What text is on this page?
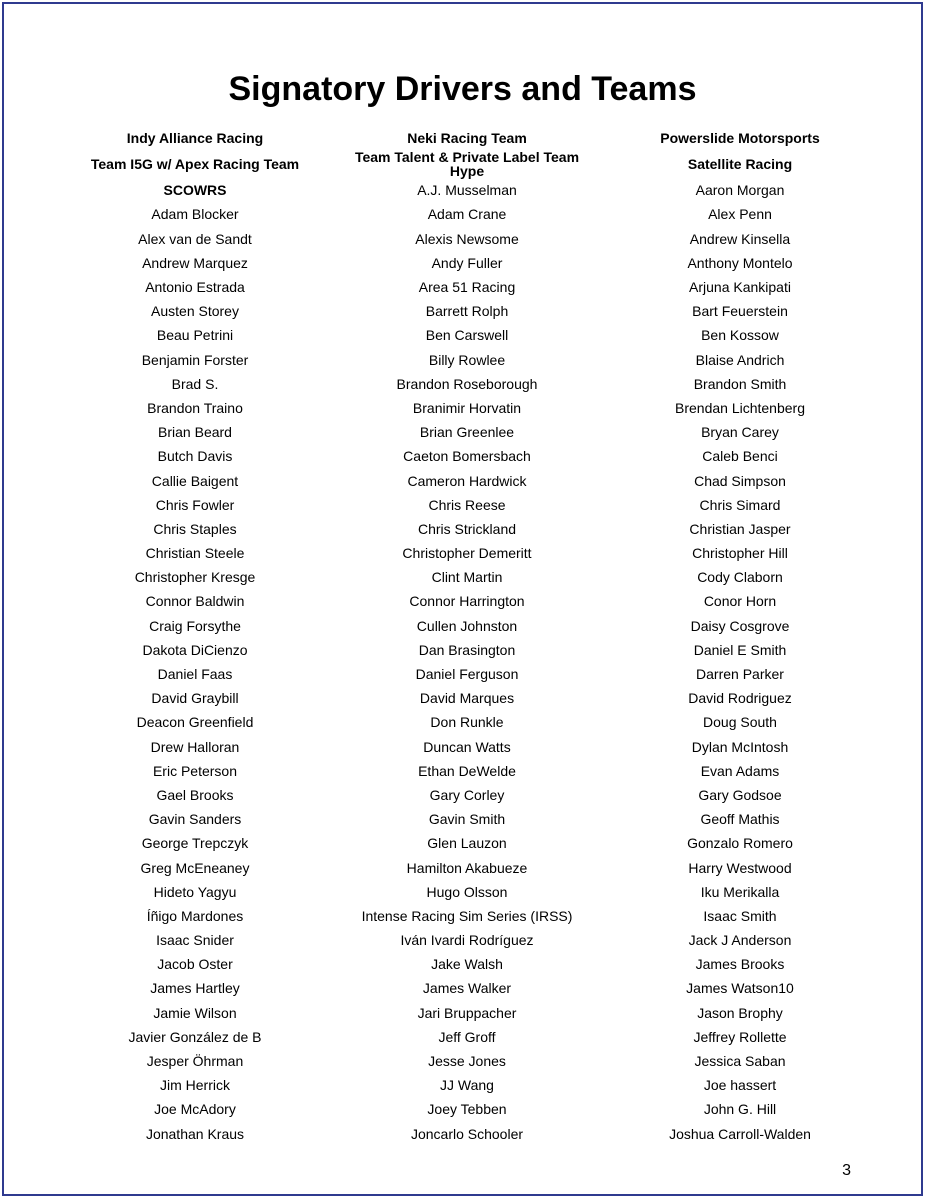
Signatory Drivers and Teams
Indy Alliance Racing	Neki Racing Team	Powerslide Motorsports
Team I5G w/ Apex Racing Team	Team Talent & Private Label Team Hype	Satellite Racing
SCOWRS	A.J. Musselman	Aaron Morgan
Adam Blocker	Adam Crane	Alex Penn
Alex van de Sandt	Alexis Newsome	Andrew Kinsella
Andrew Marquez	Andy Fuller	Anthony Montelo
Antonio Estrada	Area 51 Racing	Arjuna Kankipati
Austen Storey	Barrett Rolph	Bart Feuerstein
Beau Petrini	Ben Carswell	Ben Kossow
Benjamin Forster	Billy Rowlee	Blaise Andrich
Brad S.	Brandon Roseborough	Brandon Smith
Brandon Traino	Branimir Horvatin	Brendan Lichtenberg
Brian Beard	Brian Greenlee	Bryan Carey
Butch Davis	Caeton Bomersbach	Caleb Benci
Callie Baigent	Cameron Hardwick	Chad Simpson
Chris Fowler	Chris Reese	Chris Simard
Chris Staples	Chris Strickland	Christian Jasper
Christian Steele	Christopher Demeritt	Christopher Hill
Christopher Kresge	Clint Martin	Cody Claborn
Connor Baldwin	Connor Harrington	Conor Horn
Craig Forsythe	Cullen Johnston	Daisy Cosgrove
Dakota DiCienzo	Dan Brasington	Daniel E Smith
Daniel Faas	Daniel Ferguson	Darren Parker
David Graybill	David Marques	David Rodriguez
Deacon Greenfield	Don Runkle	Doug South
Drew Halloran	Duncan Watts	Dylan McIntosh
Eric Peterson	Ethan DeWelde	Evan Adams
Gael Brooks	Gary Corley	Gary Godsoe
Gavin Sanders	Gavin Smith	Geoff Mathis
George Trepczyk	Glen Lauzon	Gonzalo Romero
Greg McEneaney	Hamilton Akabueze	Harry Westwood
Hideto Yagyu	Hugo Olsson	Iku Merikalla
Íñigo Mardones	Intense Racing Sim Series (IRSS)	Isaac Smith
Isaac Snider	Iván Ivardi Rodríguez	Jack J Anderson
Jacob Oster	Jake Walsh	James Brooks
James Hartley	James Walker	James Watson10
Jamie Wilson	Jari Bruppacher	Jason Brophy
Javier González de B	Jeff Groff	Jeffrey Rollette
Jesper Öhrman	Jesse Jones	Jessica Saban
Jim Herrick	JJ Wang	Joe hassert
Joe McAdory	Joey Tebben	John G. Hill
Jonathan Kraus	Joncarlo Schooler	Joshua Carroll-Walden
3
